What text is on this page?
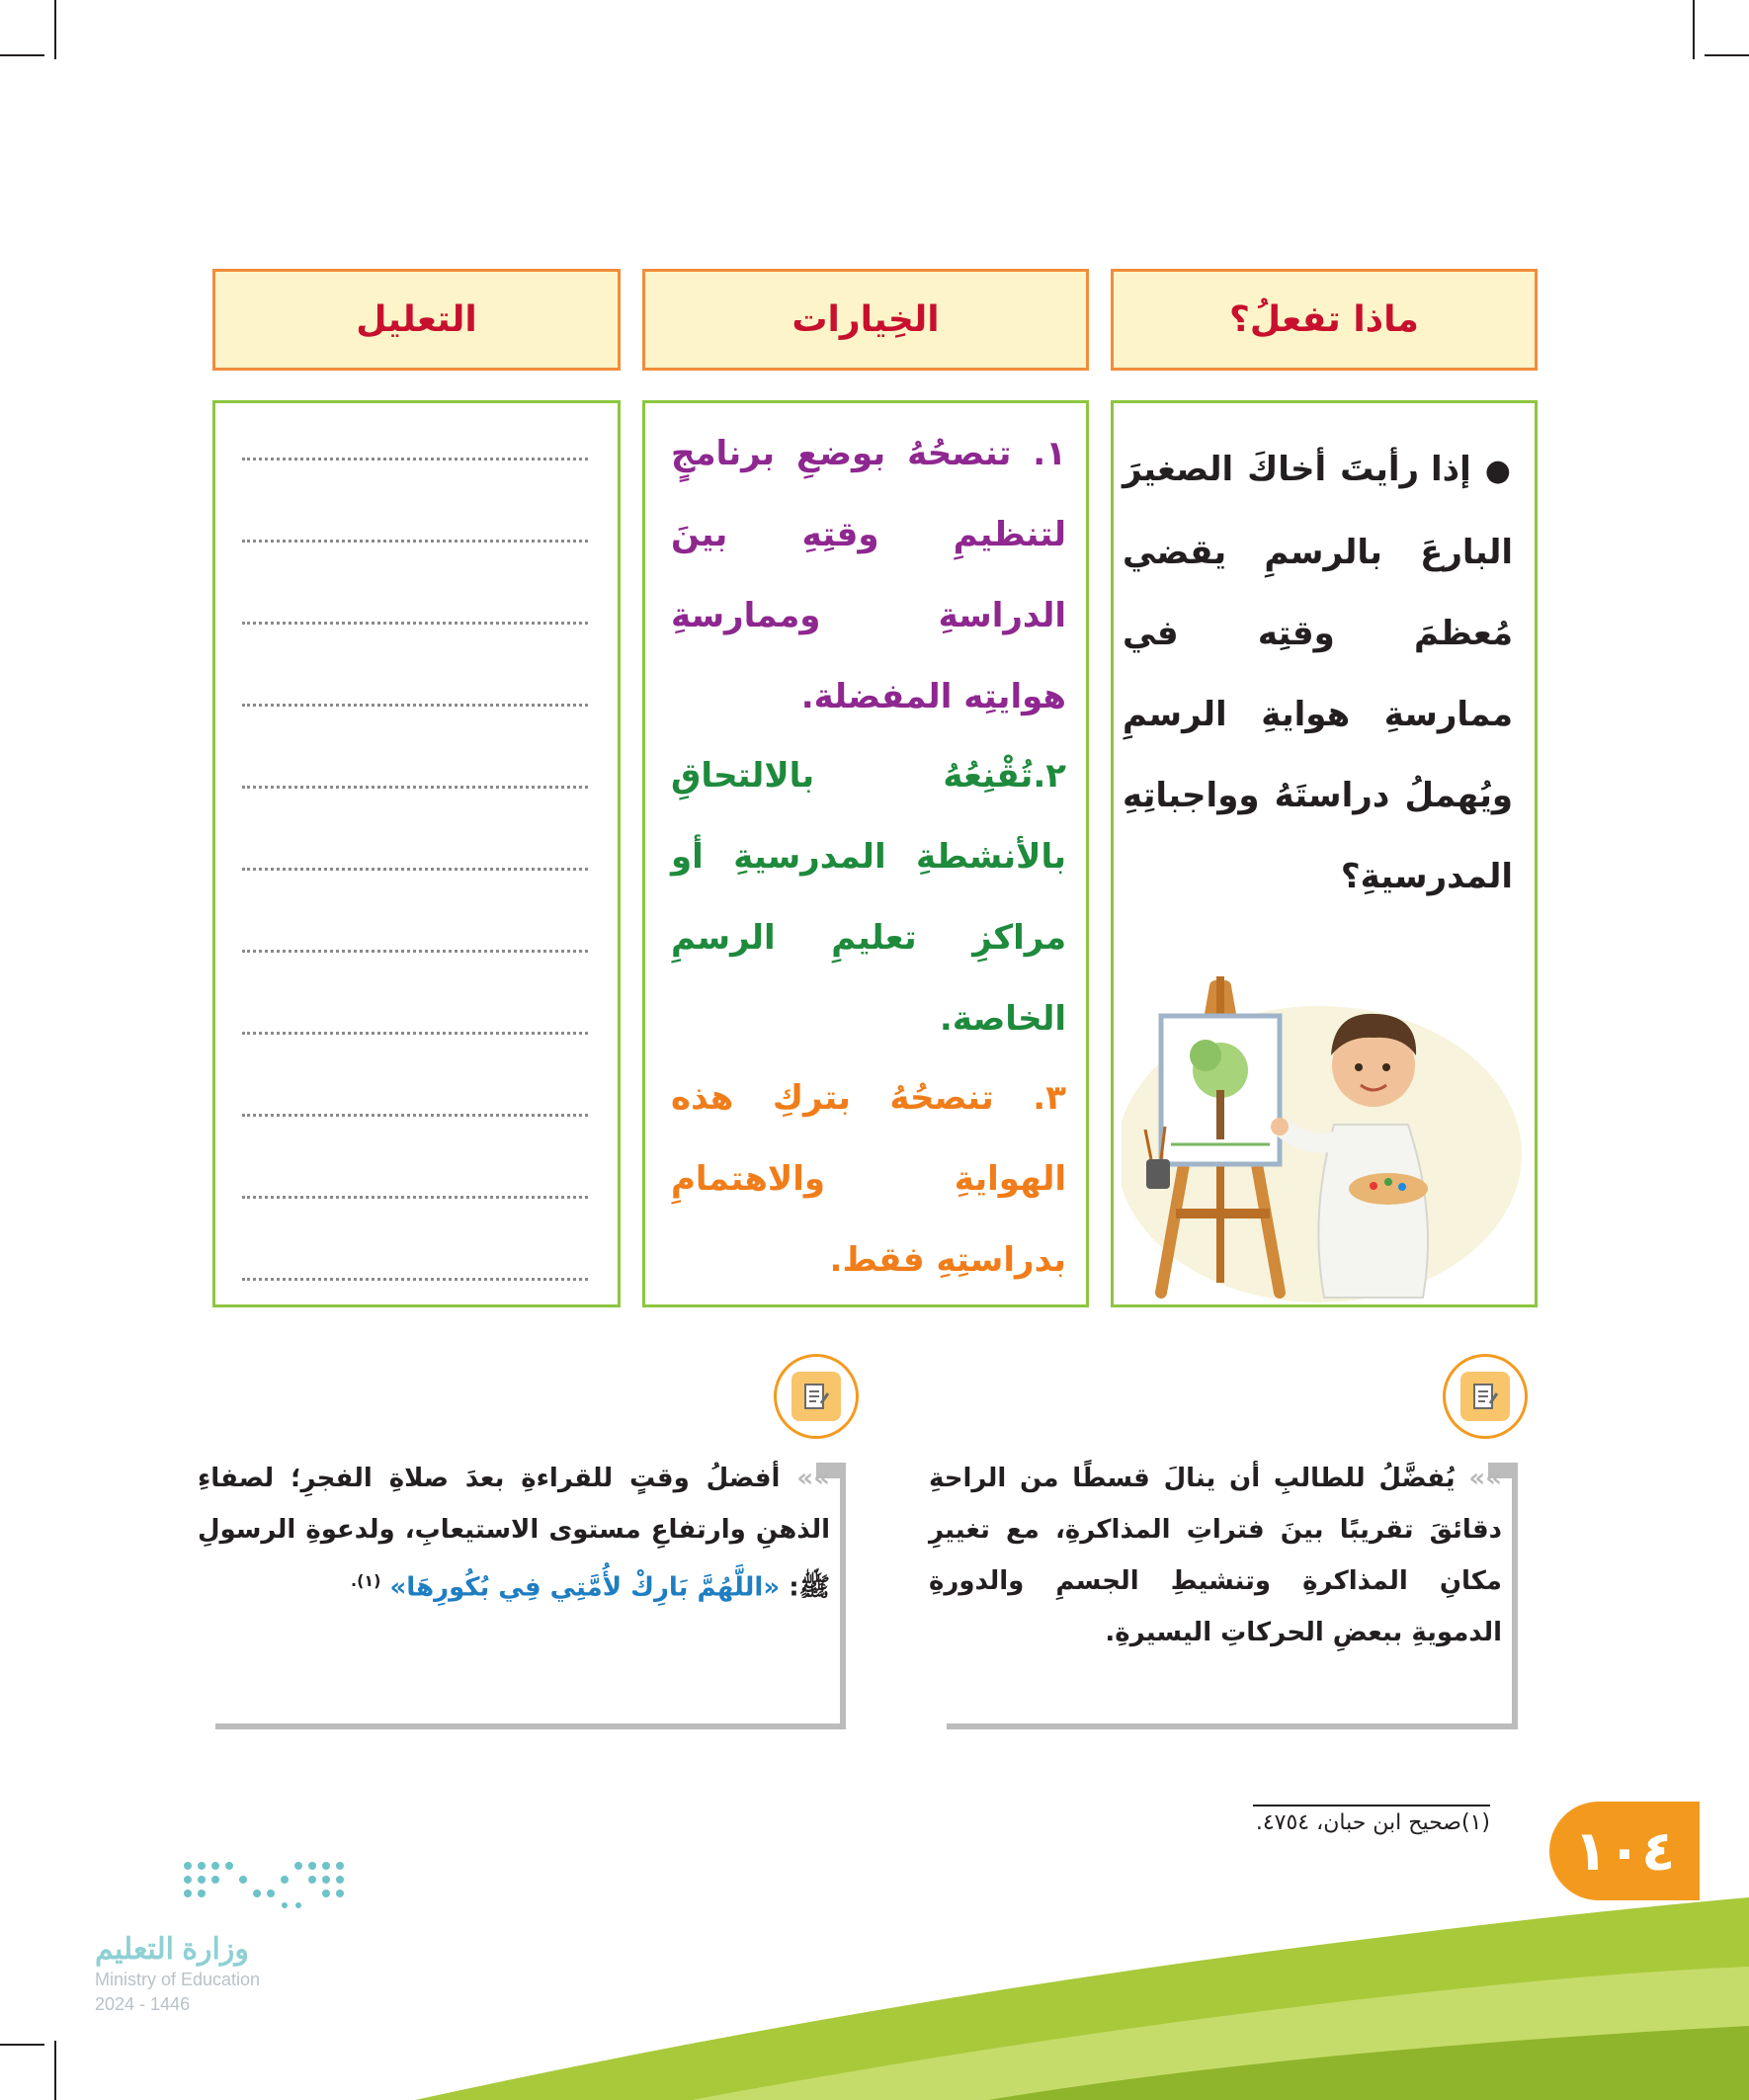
ماذا تفعلُ؟
الخِيارات
التعليل
● إذا رأيتَ أخاكَ الصغيرَ البارعَ بالرسمِ يقضي مُعظمَ وقتِه في ممارسةِ هوايةِ الرسمِ ويُهملُ دراستَهُ وواجباتِهِ المدرسيةِ؟
١. تنصحُهُ بوضعِ برنامجٍ لتنظيمِ وقتِهِ بينَ الدراسةِ وممارسةِ هوايتِه المفضلة.
٢.تُقْنِعُهُ بالالتحاقِ بالأنشطةِ المدرسيةِ أو مراكزِ تعليمِ الرسمِ الخاصة.
٣. تنصحُهُ بتركِ هذه الهوايةِ والاهتمامِ بدراستِهِ فقط.
»» يُفضَّلُ للطالبِ أن ينالَ قسطًا من الراحةِ دقائقَ تقريبًا بينَ فتراتِ المذاكرةِ، مع تغييرِ مكانِ المذاكرةِ وتنشيطِ الجسمِ والدورةِ الدمويةِ ببعضِ الحركاتِ اليسيرةِ.
»» أفضلُ وقتٍ للقراءةِ بعدَ صلاةِ الفجرِ؛ لصفاءِ الذهنِ وارتفاعِ مستوى الاستيعابِ، ولدعوةِ الرسولِ ﷺ: «اللَّهُمَّ بَارِكْ لأُمَّتِي فِي بُكُورِهَا» $^{(١).}$
(١)صحيح ابن حبان، ٤٧٥٤. ١٠٤
وزارة التعليم
Ministry of Education
2024 - 1446
